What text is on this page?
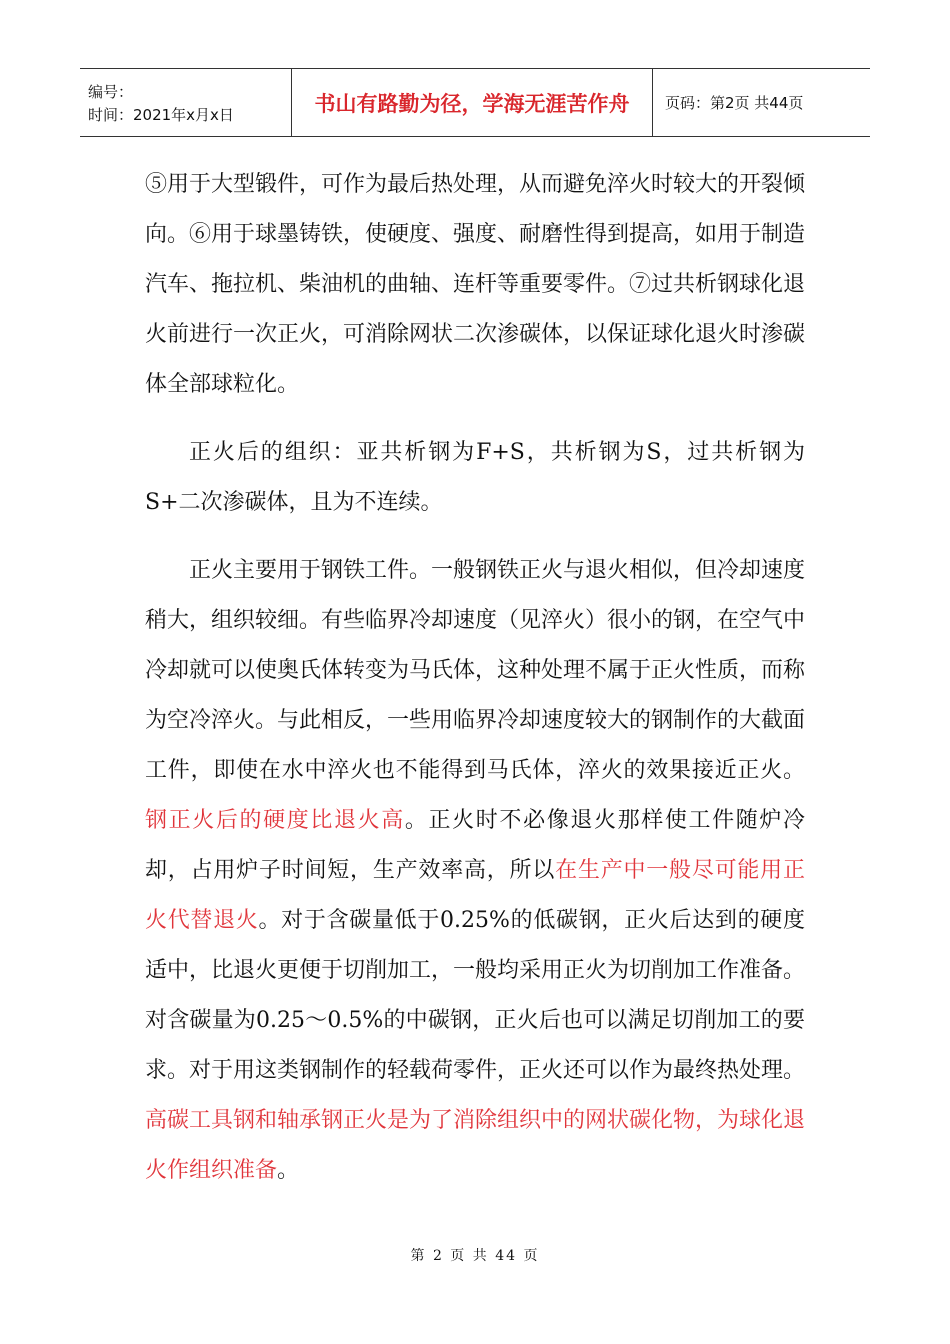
编号：
时间：2021年x月x日	书山有路勤为径，学海无涯苦作舟 页码：第2页 共44页

⑤用于大型锻件，可作为最后热处理，从而避免淬火时较大的开裂倾向。⑥用于球墨铸铁，使硬度、强度、耐磨性得到提高，如用于制造汽车、拖拉机、柴油机的曲轴、连杆等重要零件。⑦过共析钢球化退火前进行一次正火，可消除网状二次渗碳体，以保证球化退火时渗碳体全部球粒化。

正火后的组织：亚共析钢为F+S，共析钢为S，过共析钢为S+二次渗碳体，且为不连续。

正火主要用于钢铁工件。一般钢铁正火与退火相似，但冷却速度稍大，组织较细。有些临界冷却速度（见淬火）很小的钢，在空气中冷却就可以使奥氏体转变为马氏体，这种处理不属于正火性质，而称为空冷淬火。与此相反，一些用临界冷却速度较大的钢制作的大截面工件，即使在水中淬火也不能得到马氏体，淬火的效果接近正火。钢正火后的硬度比退火高。正火时不必像退火那样使工件随炉冷却，占用炉子时间短，生产效率高，所以在生产中一般尽可能用正火代替退火。对于含碳量低于0.25%的低碳钢，正火后达到的硬度适中，比退火更便于切削加工，一般均采用正火为切削加工作准备。对含碳量为0.25～0.5%的中碳钢，正火后也可以满足切削加工的要求。对于用这类钢制作的轻载荷零件，正火还可以作为最终热处理。高碳工具钢和轴承钢正火是为了消除组织中的网状碳化物，为球化退火作组织准备。

第 2 页 共 44 页
